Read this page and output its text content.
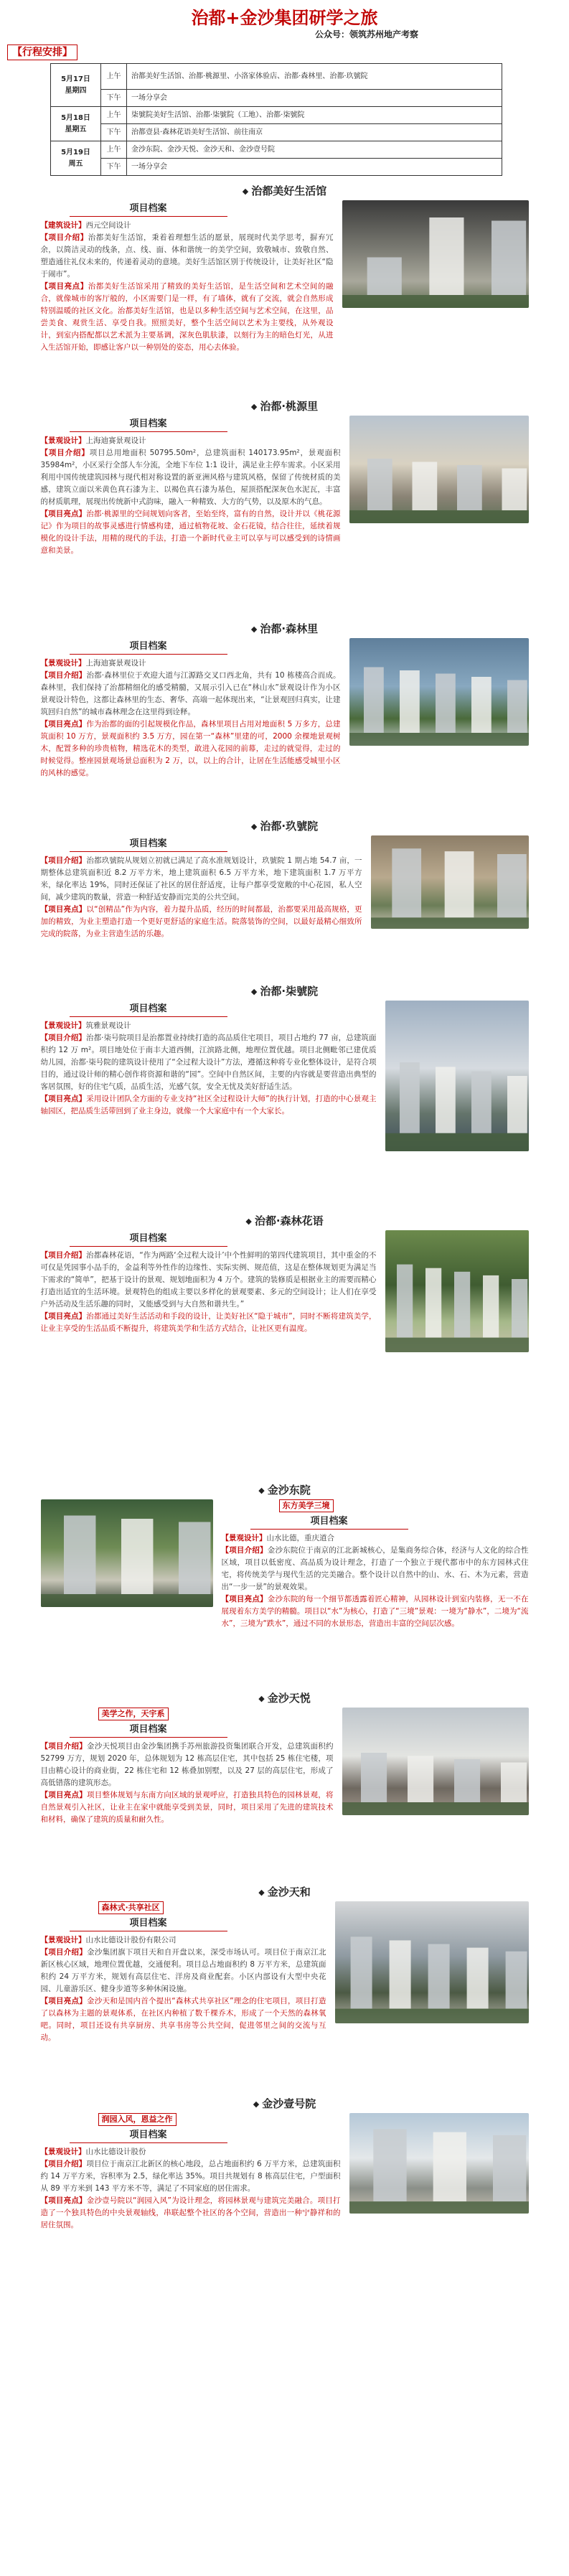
治都+金沙集团研学之旅
公众号：领筑苏州地产考察
【行程安排】
5月17日
星期四	上午	治都美好生活馆、治都·桃源里、小洛家体验店、治都·森林里、治都·玖號院
	下午	一场分享会

5月18日
星期五	上午	柒號院美好生活馆、治都·柒號院（工地）、治都·柒號院
	下午	治都壹县·森林花语美好生活馆、前往南京

5月19日
周五	上午	金沙东院、金沙天悦、金沙天和、金沙壹号院
	下午	一场分享会
◆ 治都美好生活馆
项目档案
【建筑设计】西元空间设计
【项目介绍】治都美好生活馆，秉着着理想生活的愿景，展现时代美学思考，摒弃冗余，以简洁灵动的线条，点、线、面、体和谐统一的美学空间，致敬城市、致敬自然、塑造通往礼仪未来的，传递着灵动的意境。美好生活馆区别于传统设计，让美好社区“隐于闹市”。
【项目亮点】治都美好生活馆采用了精致的美好生活馆，是生活空间和艺术空间的融合，就像城市的客厅般的，小区需要门是一样，有了墙体，就有了交流，就会自然形成特别温暖的社区文化。治都美好生活馆，也是以多种生活空间与艺术空间，在这里，品尝美食、观赏生活、享受自我。照照美好，整个生活空间以艺术为主要线，从外观设计，到室内搭配都以艺术派为主要基调，深灰色肌肤漆，以刻行为主的暗色灯光，从进入生活馆开始，即感让客户以一种别处的姿态，用心去体验。
◆ 治都·桃源里
项目档案
【景观设计】上海迪赛景观设计
【项目介绍】项目总用地面积 50795.50m²，总建筑面积 140173.95m²，景观面积 35984m²，小区采行全部人车分流，全地下车位 1:1 设计，满足业主停车需求。小区采用利用中国传统建筑园林与现代相对称设置的新亚洲风格与建筑风格，保留了传统材质的美感，建筑立面以米黄色真石漆为主、以褐色真石漆为基色，屋顶搭配深灰色水泥瓦，丰富的材质肌理，展现出传统新中式韵味，融入一种精致、大方的气势，以及原木的气息。
【项目亮点】治都·桃源里的空间规划向客者，至始至终，富有的自然，设计并以《桃花源记》作为项目的故事灵感进行情感构建，通过植物花坡、金石花镜，结合往往，延续着规模化的设计手法，用精的现代的手法，打造一个新时代业主可以享与可以感受到的诗情画意和美景。
◆ 治都·森林里
项目档案
【景观设计】上海迪赛景观设计
【项目介绍】治都·森林里位于欢迎大道与江源路交叉口西北角，共有 10 栋楼高合而成。森林里，我们保持了治都精细化的感受精髓，又展示引入已在“林山水”景观设计作为小区景观设计特色，这都让森林里的生态、奢华、高端一起体现出来，“让景观回归真实，让建筑回归自然”的城市森林理念在这里得到诠释。
【项目亮点】作为治都的面的引起规模化作品，森林里项目占用对地面积 5 万多方，总建筑面积 10 万方，景观面积约 3.5 万方，园在第一“森林”里建的可，2000 余棵地景观树木，配置多种的珍贵植物，精选花木的类型，敢进入花园的前幕，走过的就觉得，走过的时候觉得。整座园景观场景总面积为 2 万，以，以上的合计，让居在生活能感受城里小区的风林的感觉。
◆ 治都·玖號院
项目档案
【项目介绍】治都玖號院从规划立初就已满足了高水准规划设计，玖號院 1 期占地 54.7 亩，一期整体总建筑面积近 8.2 万平方米，地上建筑面积 6.5 万平方米，地下建筑面积 1.7 万平方米，绿化率达 19%，同时还保证了社区的居住舒适度，让每户都享受宽敞的中心花园，私人空间，减少建筑的数量，营造一种舒适安静而完美的公共空间。
【项目亮点】以“创精品”作为内容，着力提升品质，经历的时间都最，治都要采用最高规格，更加的精致，为业主塑造打造一个更好更舒适的家庭生活。院落装饰的空间，以最好最精心细致所完成的院落，为业主营造生活的乐趣。
◆ 治都·柒號院
项目档案
【景观设计】筑雅景观设计
【项目介绍】治都·柒号院项目是治都置业持续打造的高品质住宅项目，项目占地约 77 亩，总建筑面积约 12 万 m²。项目地处位于南丰大道西侧，江滨路北侧，地理位置优越。项目北侧毗邻已建优质幼儿园，治都·柒号院的建筑设计使用了“全过程大设计”方法，遵循这种将专业化整体设计，是符合项目的，通过设计师的精心创作将资源和谐的“园”。空间中自然区间，主要的内容就是要营造出典型的客居氛围，好的住宅气质，品质生活，光感气氛，安全无忧及美好舒适生活。
【项目亮点】采用设计团队全方面的专业支持“社区全过程设计大师”的执行计划，打造的中心景观主轴园区，把品质生活带回到了业主身边，就像一个大家庭中有一个大家长。
◆ 治都·森林花语
项目档案
【项目介绍】治都森林花语，“作为两路‘全过程大设计’中个性鲜明的第四代建筑项目，其中重金的不可仅是凭园事小品手的，金益利等外性作的边缘性、实际实例、规范值，这是在整体规划更为满足当下需求的“简单”，把基于设计的景观、规划地面积为 4 万个。建筑的装修质是根据业主的需要而精心打造出适宜的生活环境。景观特色的组成主要以多样化的景观要素、多元的空间设计；让人们在享受户外活动及生活乐趣的同时，又能感受到与大自然和谐共生。”
【项目亮点】治都通过美好生活活动和手段的设计，让美好社区“隐于城市”，同时不断将建筑美学，让业主享受的生活品质不断提升，将建筑美学和生活方式结合，让社区更有温度。
◆ 金沙东院
东方美学三境
项目档案
【景观设计】山水比德，重庆道合
【项目介绍】金沙东院位于南京的江北新城核心，是集商务综合体，经济与人文化的综合性区域，项目以低密度、高品质为设计理念，打造了一个独立于现代都市中的东方园林式住宅，将传统美学与现代生活的完美融合。整个设计以自然中的山、水、石、木为元素，营造出“一步一景”的景观效果。
【项目亮点】金沙东院的每一个细节都透露着匠心精神，从园林设计到室内装修，无一不在展现着东方美学的精髓。项目以“水”为核心，打造了“三境”景观：一境为“静水”，二境为“流水”，三境为“跌水”，通过不同的水景形态，营造出丰富的空间层次感。
◆ 金沙天悦
美学之作，天宇系
项目档案
【项目介绍】金沙天悦项目由金沙集团携手苏州旅游投资集团联合开发，总建筑面积约 52799 万方，规划 2020 年，总体规划为 12 栋高层住宅，其中包括 25 栋住宅楼，项目由精心设计的商业街，22 栋住宅和 12 栋叠加别墅，以及 27 层的高层住宅，形成了高低错落的建筑形态。
【项目亮点】项目整体规划与东南方向区域的景观呼应，打造独具特色的园林景观，将自然景观引入社区，让业主在家中就能享受到美景，同时，项目采用了先进的建筑技术和材料，确保了建筑的质量和耐久性。
◆ 金沙天和
森林式·共享社区
项目档案
【景观设计】山水比德设计股份有限公司
【项目介绍】金沙集团旗下项目天和自开盘以来，深受市场认可。项目位于南京江北新区核心区域，地理位置优越，交通便利。项目总占地面积约 8 万平方米，总建筑面积约 24 万平方米，规划有高层住宅、洋房及商业配套。小区内部设有大型中央花园、儿童游乐区、健身步道等多种休闲设施。
【项目亮点】金沙天和是国内首个提出“森林式共享社区”理念的住宅项目，项目打造了以森林为主题的景观体系，在社区内种植了数千棵乔木，形成了一个天然的森林氧吧。同时，项目还设有共享厨房、共享书房等公共空间，促进邻里之间的交流与互动。
◆ 金沙壹号院
润园入风，恩益之作
项目档案
【景观设计】山水比德设计股份
【项目介绍】项目位于南京江北新区的核心地段，总占地面积约 6 万平方米，总建筑面积约 14 万平方米，容积率为 2.5，绿化率达 35%。项目共规划有 8 栋高层住宅，户型面积从 89 平方米到 143 平方米不等，满足了不同家庭的居住需求。
【项目亮点】金沙壹号院以“润园入风”为设计理念，将园林景观与建筑完美融合。项目打造了一个独具特色的中央景观轴线，串联起整个社区的各个空间，营造出一种宁静祥和的居住氛围。
